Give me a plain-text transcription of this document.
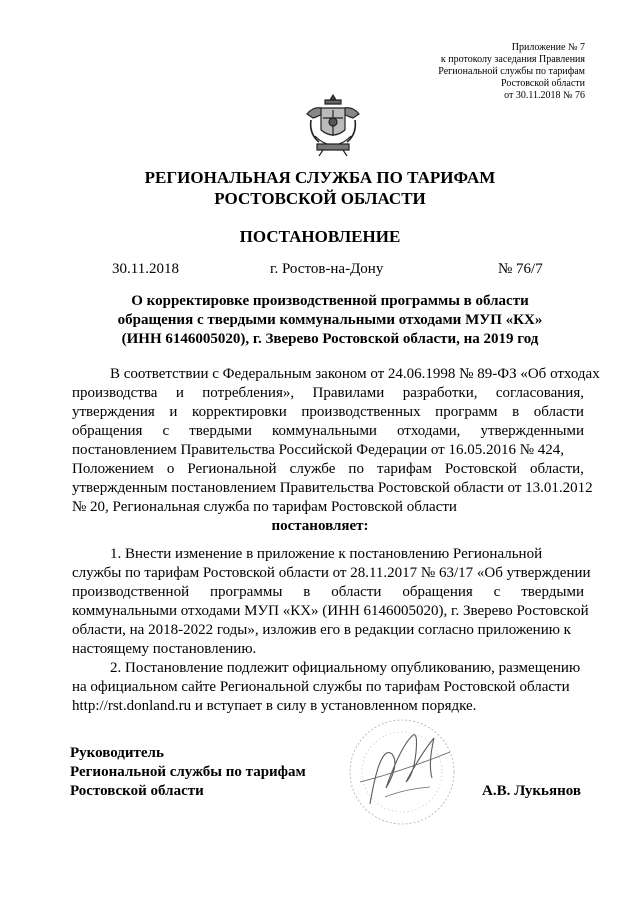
Приложение № 7
к протоколу заседания Правления
Региональной службы по тарифам
Ростовской области
от 30.11.2018 № 76
РЕГИОНАЛЬНАЯ СЛУЖБА ПО ТАРИФАМ
РОСТОВСКОЙ ОБЛАСТИ
ПОСТАНОВЛЕНИЕ
30.11.2018	г. Ростов-на-Дону	№ 76/7
О корректировке производственной программы в области
обращения с твердыми коммунальными отходами МУП «КХ»
(ИНН 6146005020), г. Зверево Ростовской области, на 2019 год
В соответствии с Федеральным законом от 24.06.1998 № 89-ФЗ «Об отходах
производства и потребления», Правилами разработки, согласования,
утверждения и корректировки производственных программ в области
обращения с твердыми коммунальными отходами, утвержденными
постановлением Правительства Российской Федерации от 16.05.2016 № 424,
Положением о Региональной службе по тарифам Ростовской области,
утвержденным постановлением Правительства Ростовской области от 13.01.2012
№ 20, Региональная служба по тарифам Ростовской области
постановляет:
1. Внести изменение в приложение к постановлению Региональной
службы по тарифам Ростовской области от 28.11.2017 № 63/17 «Об утверждении
производственной программы в области обращения с твердыми
коммунальными отходами МУП «КХ» (ИНН 6146005020), г. Зверево Ростовской
области, на 2018-2022 годы», изложив его в редакции согласно приложению к
настоящему постановлению.
2. Постановление подлежит официальному опубликованию, размещению
на официальном сайте Региональной службы по тарифам Ростовской области
http://rst.donland.ru и вступает в силу в установленном порядке.
Руководитель
Региональной службы по тарифам
Ростовской области	А.В. Лукьянов
